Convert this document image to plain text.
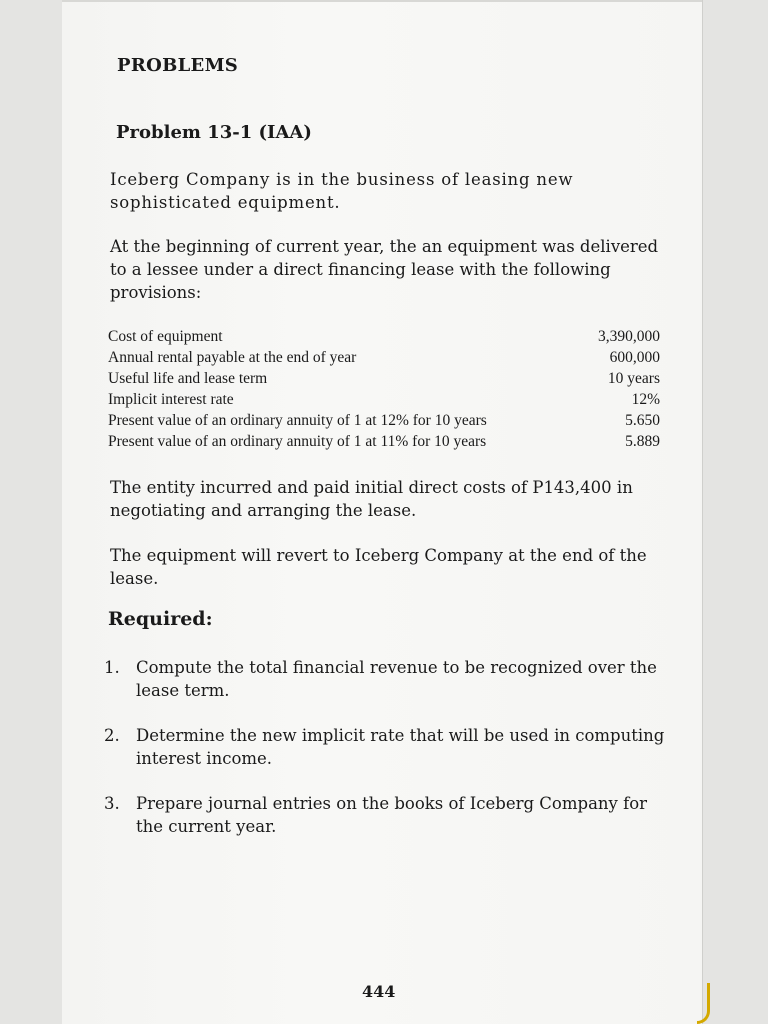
PROBLEMS
Problem 13-1 (IAA)

Iceberg Company is in the business of leasing new sophisticated equipment.

At the beginning of current year, the an equipment was delivered to a lessee under a direct financing lease with the following provisions:

Cost of equipment	3,390,000
Annual rental payable at the end of year	600,000
Useful life and lease term	10 years
Implicit interest rate	12%
Present value of an ordinary annuity of 1 at 12% for 10 years	5.650
Present value of an ordinary annuity of 1 at 11% for 10 years	5.889

The entity incurred and paid initial direct costs of P143,400 in negotiating and arranging the lease.

The equipment will revert to Iceberg Company at the end of the lease.

Required:
1. Compute the total financial revenue to be recognized over the lease term.
2. Determine the new implicit rate that will be used in computing interest income.
3. Prepare journal entries on the books of Iceberg Company for the current year.
444
